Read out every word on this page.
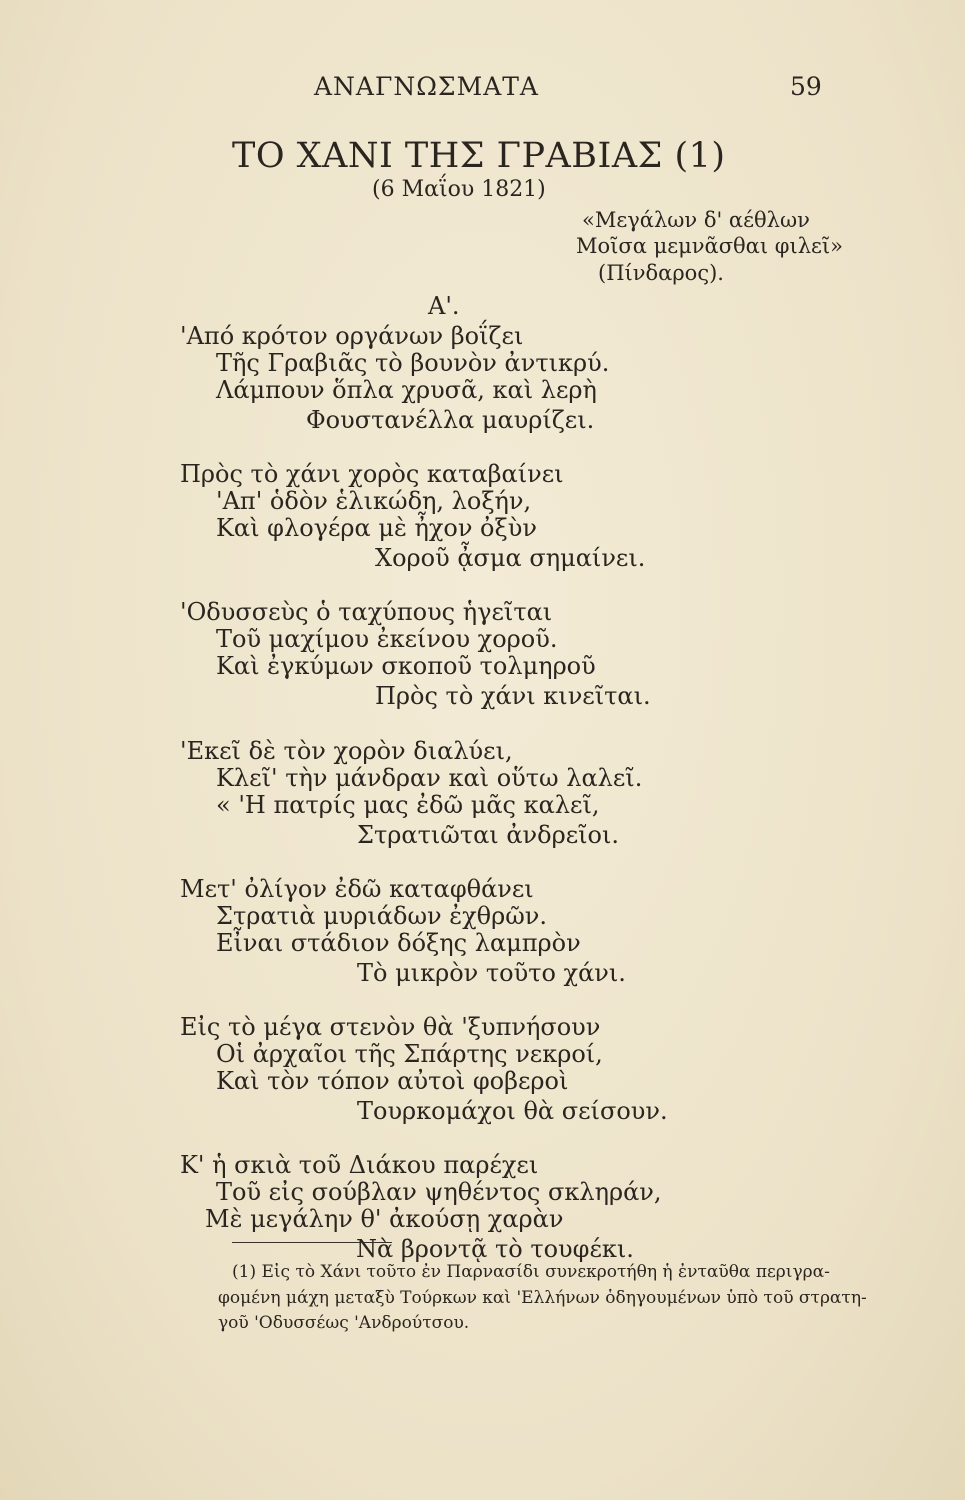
ΑΝΑΓΝΩΣΜΑΤΑ	59
ΤΟ ΧΑΝΙ ΤΗΣ ΓΡΑΒΙΑΣ (1)
(6 Μαΐου 1821)
«Μεγάλων δ' αέθλων
Μοῖσα μεμνᾶσθαι φιλεῖ»
(Πίνδαρος).
Α'.
'Από κρότον οργάνων βοΐζει
Τῆς Γραβιᾶς τὸ βουνὸν ἀντικρύ.
Λάμπουν ὅπλα χρυσᾶ, καὶ λερὴ
Φουστανέλλα μαυρίζει.
Πρὸς τὸ χάνι χορὸς καταβαίνει
'Απ' ὁδὸν ἑλικώδη, λοξήν,
Καὶ φλογέρα μὲ ἦχον ὀξὺν
Χοροῦ ᾆσμα σημαίνει.
'Οδυσσεὺς ὁ ταχύπους ἡγεῖται
Τοῦ μαχίμου ἐκείνου χοροῦ.
Καὶ ἐγκύμων σκοποῦ τολμηροῦ
Πρὸς τὸ χάνι κινεῖται.
'Εκεῖ δὲ τὸν χορὸν διαλύει,
Κλεῖ' τὴν μάνδραν καὶ οὕτω λαλεῖ.
« 'Η πατρίς μας ἐδῶ μᾶς καλεῖ,
Στρατιῶται ἀνδρεῖοι.
Μετ' ὀλίγον ἐδῶ καταφθάνει
Στρατιὰ μυριάδων ἐχθρῶν.
Εἶναι στάδιον δόξης λαμπρὸν
Τὸ μικρὸν τοῦτο χάνι.
Εἰς τὸ μέγα στενὸν θὰ 'ξυπνήσουν
Οἱ ἀρχαῖοι τῆς Σπάρτης νεκροί,
Καὶ τὸν τόπον αὐτοὶ φοβεροὶ
Τουρκομάχοι θὰ σείσουν.
Κ' ἡ σκιὰ τοῦ Διάκου παρέχει
Τοῦ εἰς σούβλαν ψηθέντος σκληράν,
Μὲ μεγάλην θ' ἀκούσῃ χαρὰν
Νὰ βροντᾷ τὸ τουφέκι.
(1) Εἰς τὸ Χάνι τοῦτο ἐν Παρνασίδι συνεκροτήθη ἡ ἐνταῦθα περιγρα-
φομένη μάχη μεταξὺ Τούρκων καὶ 'Ελλήνων ὁδηγουμένων ὑπὸ τοῦ στρατη-
γοῦ 'Οδυσσέως 'Ανδρούτσου.
